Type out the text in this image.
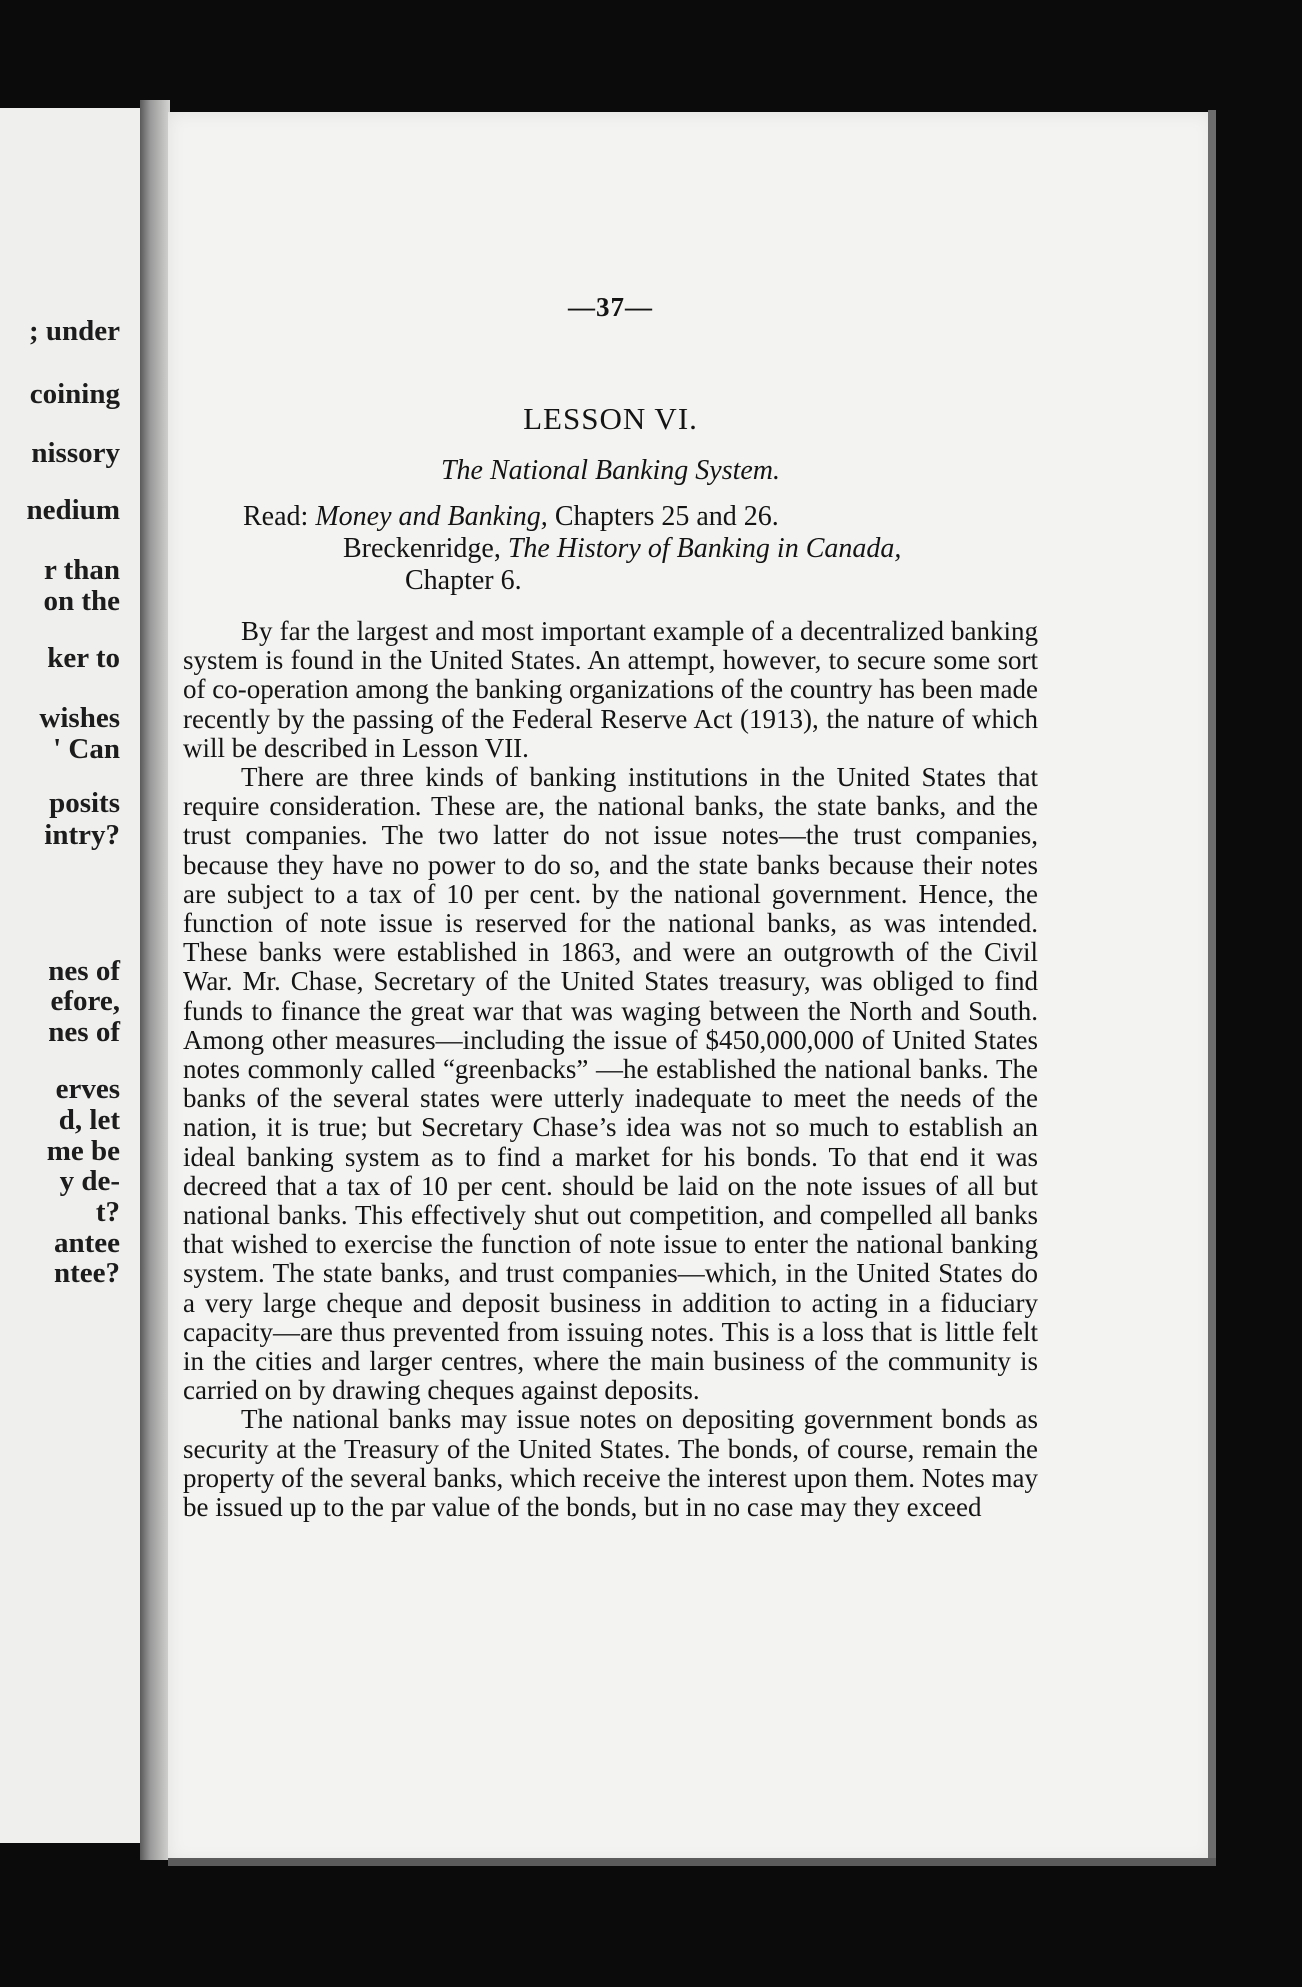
; under
coining
nissory
nedium
r than
on the
ker to
wishes
' Can
posits
intry?
nes of
efore,
nes of
erves
d, let
me be
y de-
t?
antee
ntee?
—37—
LESSON VI.
The National Banking System.
Read: Money and Banking, Chapters 25 and 26.
Breckenridge, The History of Banking in Canada,
Chapter 6.

By far the largest and most important example of a decentralized banking system is found in the United States. An attempt, however, to secure some sort of co-operation among the banking organizations of the country has been made recently by the passing of the Federal Reserve Act (1913), the nature of which will be described in Lesson VII.

There are three kinds of banking institutions in the United States that require consideration. These are, the national banks, the state banks, and the trust companies. The two latter do not issue notes—the trust companies, because they have no power to do so, and the state banks because their notes are subject to a tax of 10 per cent. by the national government. Hence, the function of note issue is reserved for the national banks, as was intended. These banks were established in 1863, and were an outgrowth of the Civil War. Mr. Chase, Secretary of the United States treasury, was obliged to find funds to finance the great war that was waging between the North and South. Among other measures—including the issue of $450,000,000 of United States notes commonly called “greenbacks” —he established the national banks. The banks of the several states were utterly inadequate to meet the needs of the nation, it is true; but Secretary Chase’s idea was not so much to establish an ideal banking system as to find a market for his bonds. To that end it was decreed that a tax of 10 per cent. should be laid on the note issues of all but national banks. This effectively shut out competition, and compelled all banks that wished to exercise the function of note issue to enter the national banking system. The state banks, and trust companies—which, in the United States do a very large cheque and deposit business in addition to acting in a fiduciary capacity—are thus prevented from issuing notes. This is a loss that is little felt in the cities and larger centres, where the main business of the community is carried on by drawing cheques against deposits.

The national banks may issue notes on depositing government bonds as security at the Treasury of the United States. The bonds, of course, remain the property of the several banks, which receive the interest upon them. Notes may be issued up to the par value of the bonds, but in no case may they exceed
